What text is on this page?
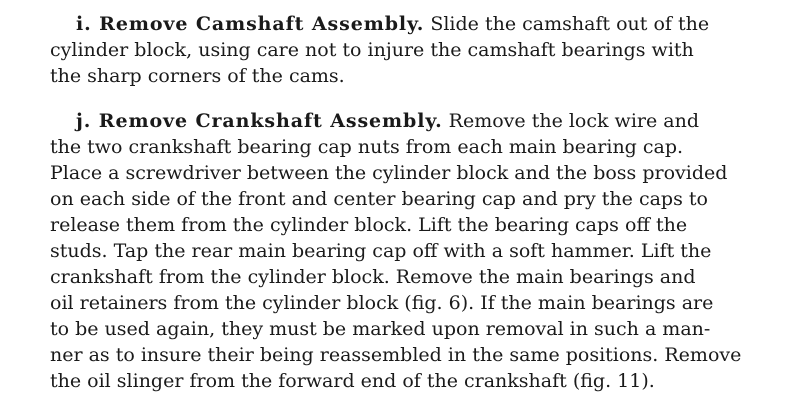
i. Remove Camshaft Assembly. Slide the camshaft out of the
cylinder block, using care not to injure the camshaft bearings with
the sharp corners of the cams.
j. Remove Crankshaft Assembly. Remove the lock wire and
the two crankshaft bearing cap nuts from each main bearing cap.
Place a screwdriver between the cylinder block and the boss provided
on each side of the front and center bearing cap and pry the caps to
release them from the cylinder block. Lift the bearing caps off the
studs. Tap the rear main bearing cap off with a soft hammer. Lift the
crankshaft from the cylinder block. Remove the main bearings and
oil retainers from the cylinder block (fig. 6). If the main bearings are
to be used again, they must be marked upon removal in such a man-
ner as to insure their being reassembled in the same positions. Remove
the oil slinger from the forward end of the crankshaft (fig. 11).
